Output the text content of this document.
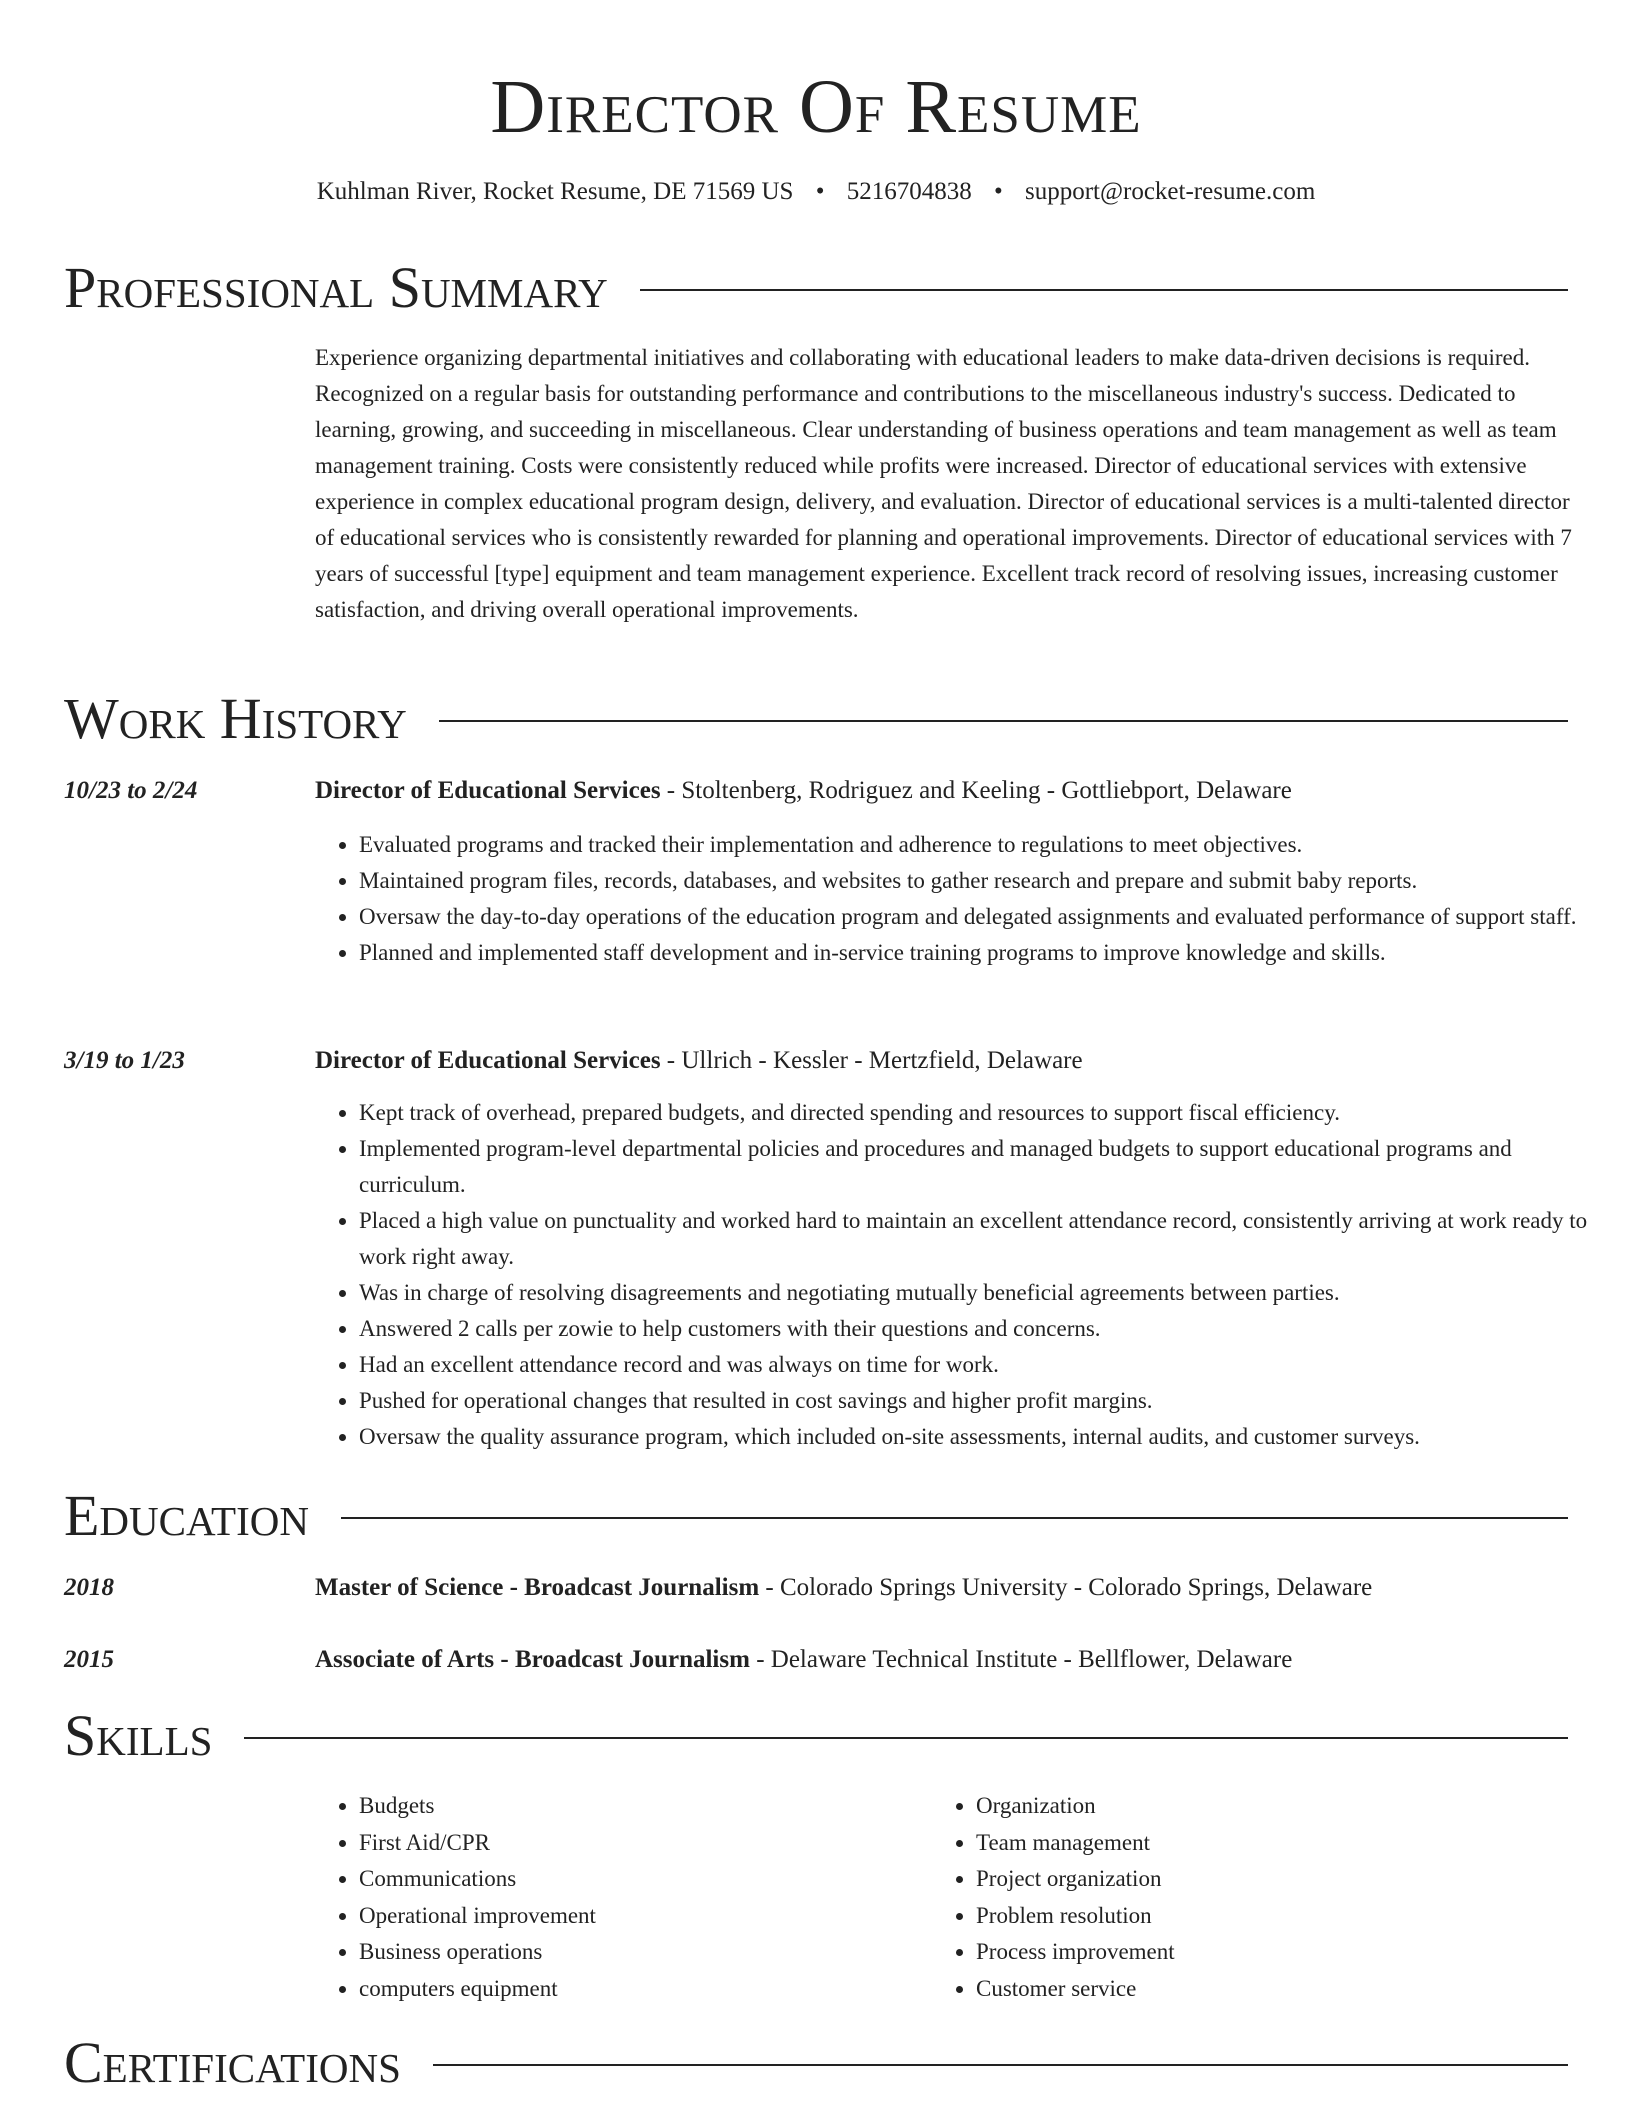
Director Of Resume
Kuhlman River, Rocket Resume, DE 71569 US • 5216704838 • support@rocket-resume.com
Professional Summary

Experience organizing departmental initiatives and collaborating with educational leaders to make data-driven decisions is required. Recognized on a regular basis for outstanding performance and contributions to the miscellaneous industry's success. Dedicated to learning, growing, and succeeding in miscellaneous. Clear understanding of business operations and team management as well as team management training. Costs were consistently reduced while profits were increased. Director of educational services with extensive experience in complex educational program design, delivery, and evaluation. Director of educational services is a multi-talented director of educational services who is consistently rewarded for planning and operational improvements. Director of educational services with 7 years of successful [type] equipment and team management experience. Excellent track record of resolving issues, increasing customer satisfaction, and driving overall operational improvements.

Work History
10/23 to 2/24	Director of Educational Services - Stoltenberg, Rodriguez and Keeling - Gottliebport, Delaware
• Evaluated programs and tracked their implementation and adherence to regulations to meet objectives.
• Maintained program files, records, databases, and websites to gather research and prepare and submit baby reports.
• Oversaw the day-to-day operations of the education program and delegated assignments and evaluated performance of support staff.
• Planned and implemented staff development and in-service training programs to improve knowledge and skills.
3/19 to 1/23	Director of Educational Services - Ullrich - Kessler - Mertzfield, Delaware
• Kept track of overhead, prepared budgets, and directed spending and resources to support fiscal efficiency.
• Implemented program-level departmental policies and procedures and managed budgets to support educational programs and curriculum.
• Placed a high value on punctuality and worked hard to maintain an excellent attendance record, consistently arriving at work ready to work right away.
• Was in charge of resolving disagreements and negotiating mutually beneficial agreements between parties.
• Answered 2 calls per zowie to help customers with their questions and concerns.
• Had an excellent attendance record and was always on time for work.
• Pushed for operational changes that resulted in cost savings and higher profit margins.
• Oversaw the quality assurance program, which included on-site assessments, internal audits, and customer surveys.
Education
2018	Master of Science - Broadcast Journalism - Colorado Springs University - Colorado Springs, Delaware
2015	Associate of Arts - Broadcast Journalism - Delaware Technical Institute - Bellflower, Delaware
Skills
• Budgets
• First Aid/CPR
• Communications
• Operational improvement
• Business operations
• computers equipment
• Organization
• Team management
• Project organization
• Problem resolution
• Process improvement
• Customer service
Certifications
